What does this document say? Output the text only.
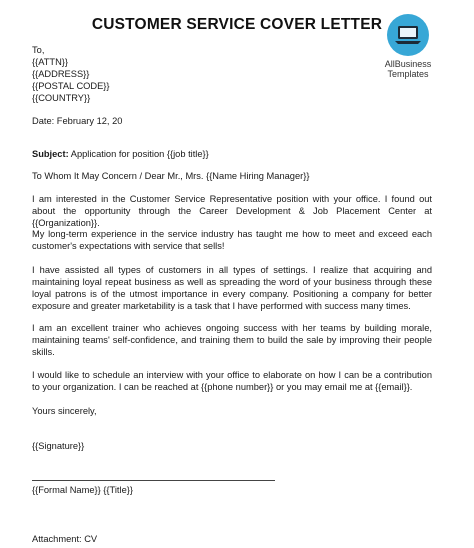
CUSTOMER SERVICE COVER LETTER
AllBusiness
Templates
To,
{{ATTN}}
{{ADDRESS}}
{{POSTAL CODE}}
{{COUNTRY}}
Date: February 12, 20
Subject: Application for position {{job title}}
To Whom It May Concern / Dear Mr., Mrs. {{Name Hiring Manager}}
I am interested in the Customer Service Representative position with your office. I found out about the opportunity through the Career Development & Job Placement Center at {{Organization}}.
My long-term experience in the service industry has taught me how to meet and exceed each customer's expectations with service that sells!
I have assisted all types of customers in all types of settings. I realize that acquiring and maintaining loyal repeat business as well as spreading the word of your business through these loyal patrons is of the utmost importance in every company. Positioning a company for better exposure and greater marketability is a task that I have performed with success many times.
I am an excellent trainer who achieves ongoing success with her teams by building morale, maintaining teams' self-confidence, and training them to build the sale by improving their people skills.
I would like to schedule an interview with your office to elaborate on how I can be a contribution to your organization. I can be reached at {{phone number}} or you may email me at {{email}}.
Yours sincerely,
{{Signature}}
{{Formal Name}} {{Title}}
Attachment: CV
